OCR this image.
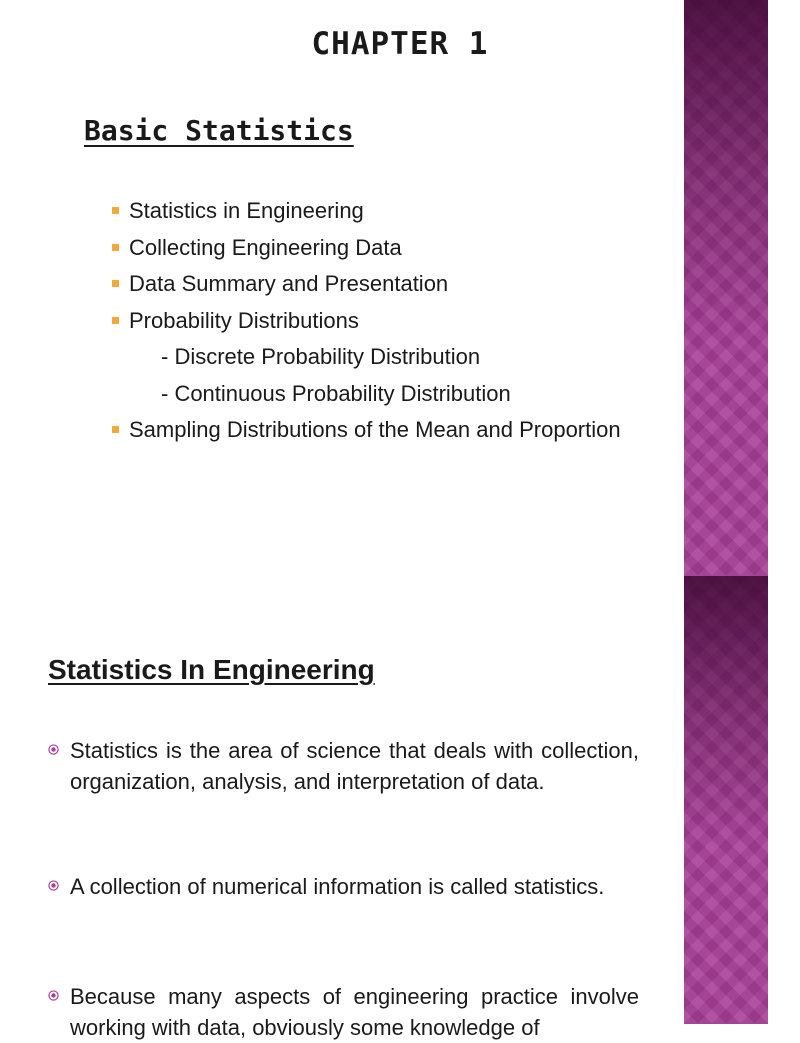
CHAPTER 1
Basic Statistics
Statistics in Engineering
Collecting Engineering Data
Data Summary and Presentation
Probability Distributions
- Discrete Probability Distribution
- Continuous Probability Distribution
Sampling Distributions of the Mean and Proportion
Statistics In Engineering

Statistics is the area of science that deals with collection, organization, analysis, and interpretation of data.

A collection of numerical information is called statistics.

Because many aspects of engineering practice involve working with data, obviously some knowledge of
